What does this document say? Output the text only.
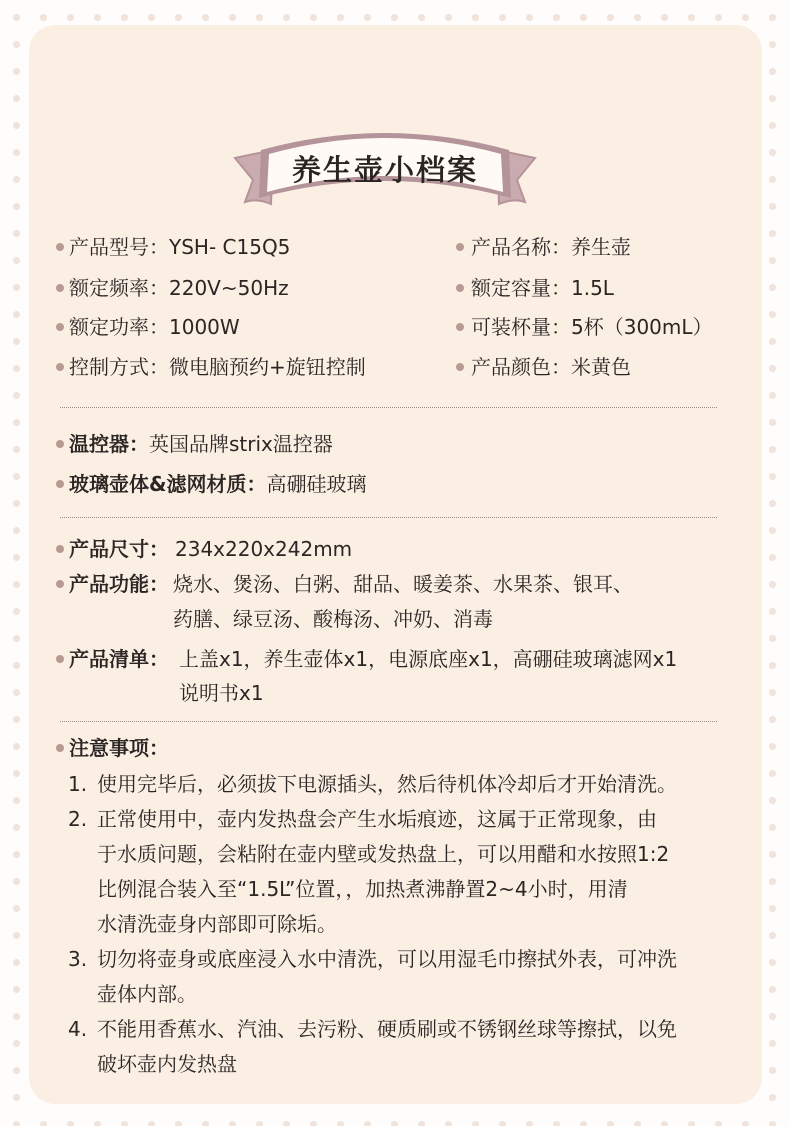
养生壶小档案
产品型号：YSH- C15Q5
额定频率：220V~50Hz
额定功率：1000W
控制方式：微电脑预约+旋钮控制
产品名称：养生壶
额定容量：1.5L
可装杯量：5杯（300mL）
产品颜色：米黄色
温控器：英国品牌strix温控器
玻璃壶体&滤网材质：高硼硅玻璃
产品尺寸： 234x220x242mm
产品功能： 烧水、煲汤、白粥、甜品、暖姜茶、水果茶、银耳、
药膳、绿豆汤、酸梅汤、冲奶、消毒
产品清单： 上盖x1，养生壶体x1，电源底座x1，高硼硅玻璃滤网x1
说明书x1
注意事项：
1. 使用完毕后，必须拔下电源插头，然后待机体冷却后才开始清洗。
2. 正常使用中，壶内发热盘会产生水垢痕迹，这属于正常现象，由
于水质问题，会粘附在壶内壁或发热盘上，可以用醋和水按照1:2
比例混合装入至“1.5L”位置，，加热煮沸静置2~4小时，用清
水清洗壶身内部即可除垢。
3. 切勿将壶身或底座浸入水中清洗，可以用湿毛巾擦拭外表，可冲洗
壶体内部。
4. 不能用香蕉水、汽油、去污粉、硬质刷或不锈钢丝球等擦拭，以免
破坏壶内发热盘
